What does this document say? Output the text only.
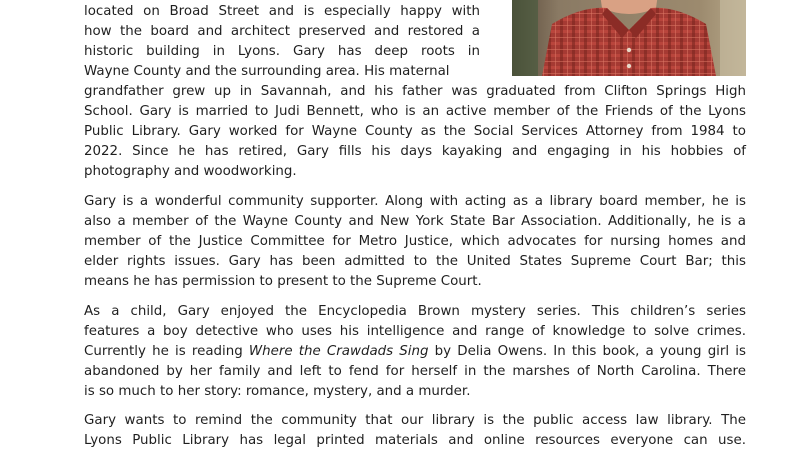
located on Broad Street and is especially happy with
how the board and architect preserved and restored a
historic building in Lyons. Gary has deep roots in
Wayne County and the surrounding area. His maternal
grandfather grew up in Savannah, and his father was graduated from Clifton Springs High
School. Gary is married to Judi Bennett, who is an active member of the Friends of the Lyons
Public Library. Gary worked for Wayne County as the Social Services Attorney from 1984 to
2022. Since he has retired, Gary fills his days kayaking and engaging in his hobbies of
photography and woodworking.
Gary is a wonderful community supporter. Along with acting as a library board member, he is
also a member of the Wayne County and New York State Bar Association. Additionally, he is a
member of the Justice Committee for Metro Justice, which advocates for nursing homes and
elder rights issues. Gary has been admitted to the United States Supreme Court Bar; this
means he has permission to present to the Supreme Court.
As a child, Gary enjoyed the Encyclopedia Brown mystery series. This children’s series
features a boy detective who uses his intelligence and range of knowledge to solve crimes.
Currently he is reading Where the Crawdads Sing by Delia Owens. In this book, a young girl is
abandoned by her family and left to fend for herself in the marshes of North Carolina. There
is so much to her story: romance, mystery, and a murder.
Gary wants to remind the community that our library is the public access law library. The
Lyons Public Library has legal printed materials and online resources everyone can use.
